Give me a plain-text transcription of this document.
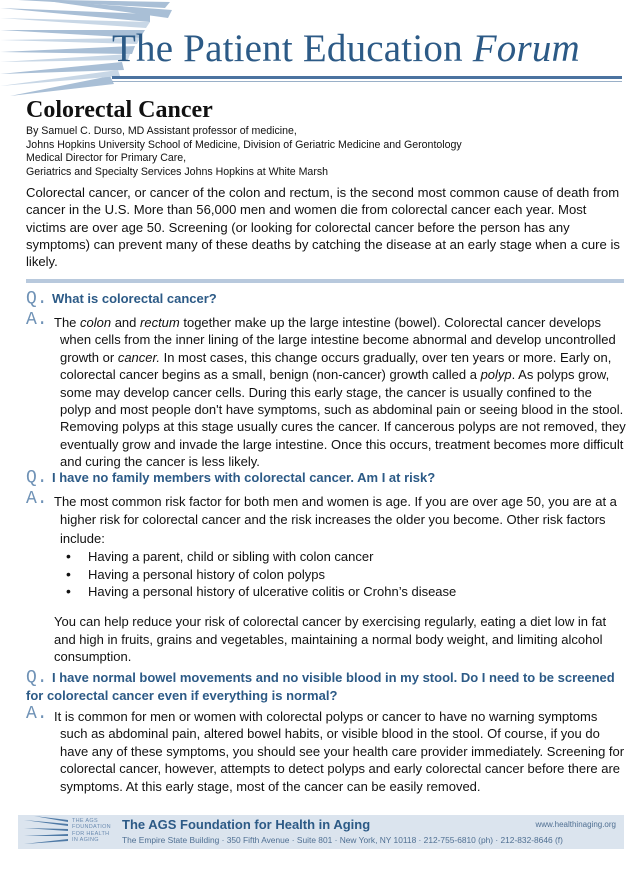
The Patient Education Forum
Colorectal Cancer
By Samuel C. Durso, MD Assistant professor of medicine,
Johns Hopkins University School of Medicine, Division of Geriatric Medicine and Gerontology
Medical Director for Primary Care,
Geriatrics and Specialty Services Johns Hopkins at White Marsh

Colorectal cancer, or cancer of the colon and rectum, is the second most common cause of death from cancer in the U.S. More than 56,000 men and women die from colorectal cancer each year. Most victims are over age 50. Screening (or looking for colorectal cancer before the person has any symptoms) can prevent many of these deaths by catching the disease at an early stage when a cure is likely.

Q. What is colorectal cancer?
A. The colon and rectum together make up the large intestine (bowel). Colorectal cancer develops when cells from the inner lining of the large intestine become abnormal and develop uncontrolled growth or cancer. In most cases, this change occurs gradually, over ten years or more. Early on, colorectal cancer begins as a small, benign (non-cancer) growth called a polyp. As polyps grow, some may develop cancer cells. During this early stage, the cancer is usually confined to the polyp and most people don't have symptoms, such as abdominal pain or seeing blood in the stool. Removing polyps at this stage usually cures the cancer. If cancerous polyps are not removed, they eventually grow and invade the large intestine. Once this occurs, treatment becomes more difficult and curing the cancer is less likely.

Q. I have no family members with colorectal cancer. Am I at risk?
A. The most common risk factor for both men and women is age. If you are over age 50, you are at a higher risk for colorectal cancer and the risk increases the older you become. Other risk factors include:

• Having a parent, child or sibling with colon cancer
• Having a personal history of colon polyps
• Having a personal history of ulcerative colitis or Crohn’s disease

You can help reduce your risk of colorectal cancer by exercising regularly, eating a diet low in fat and high in fruits, grains and vegetables, maintaining a normal body weight, and limiting alcohol consumption.

Q. I have normal bowel movements and no visible blood in my stool. Do I need to be screened for colorectal cancer even if everything is normal?
A. It is common for men or women with colorectal polyps or cancer to have no warning symptoms such as abdominal pain, altered bowel habits, or visible blood in the stool. Of course, if you do have any of these symptoms, you should see your health care provider immediately. Screening for colorectal cancer, however, attempts to detect polyps and early colorectal cancer before there are symptoms. At this early stage, most of the cancer can be easily removed.

THE AGS
FOUNDATION
FOR HEALTH
IN AGING
The AGS Foundation for Health in Aging	www.healthinaging.org
The Empire State Building · 350 Fifth Avenue · Suite 801 · New York, NY 10118 · 212-755-6810 (ph) · 212-832-8646 (f)
